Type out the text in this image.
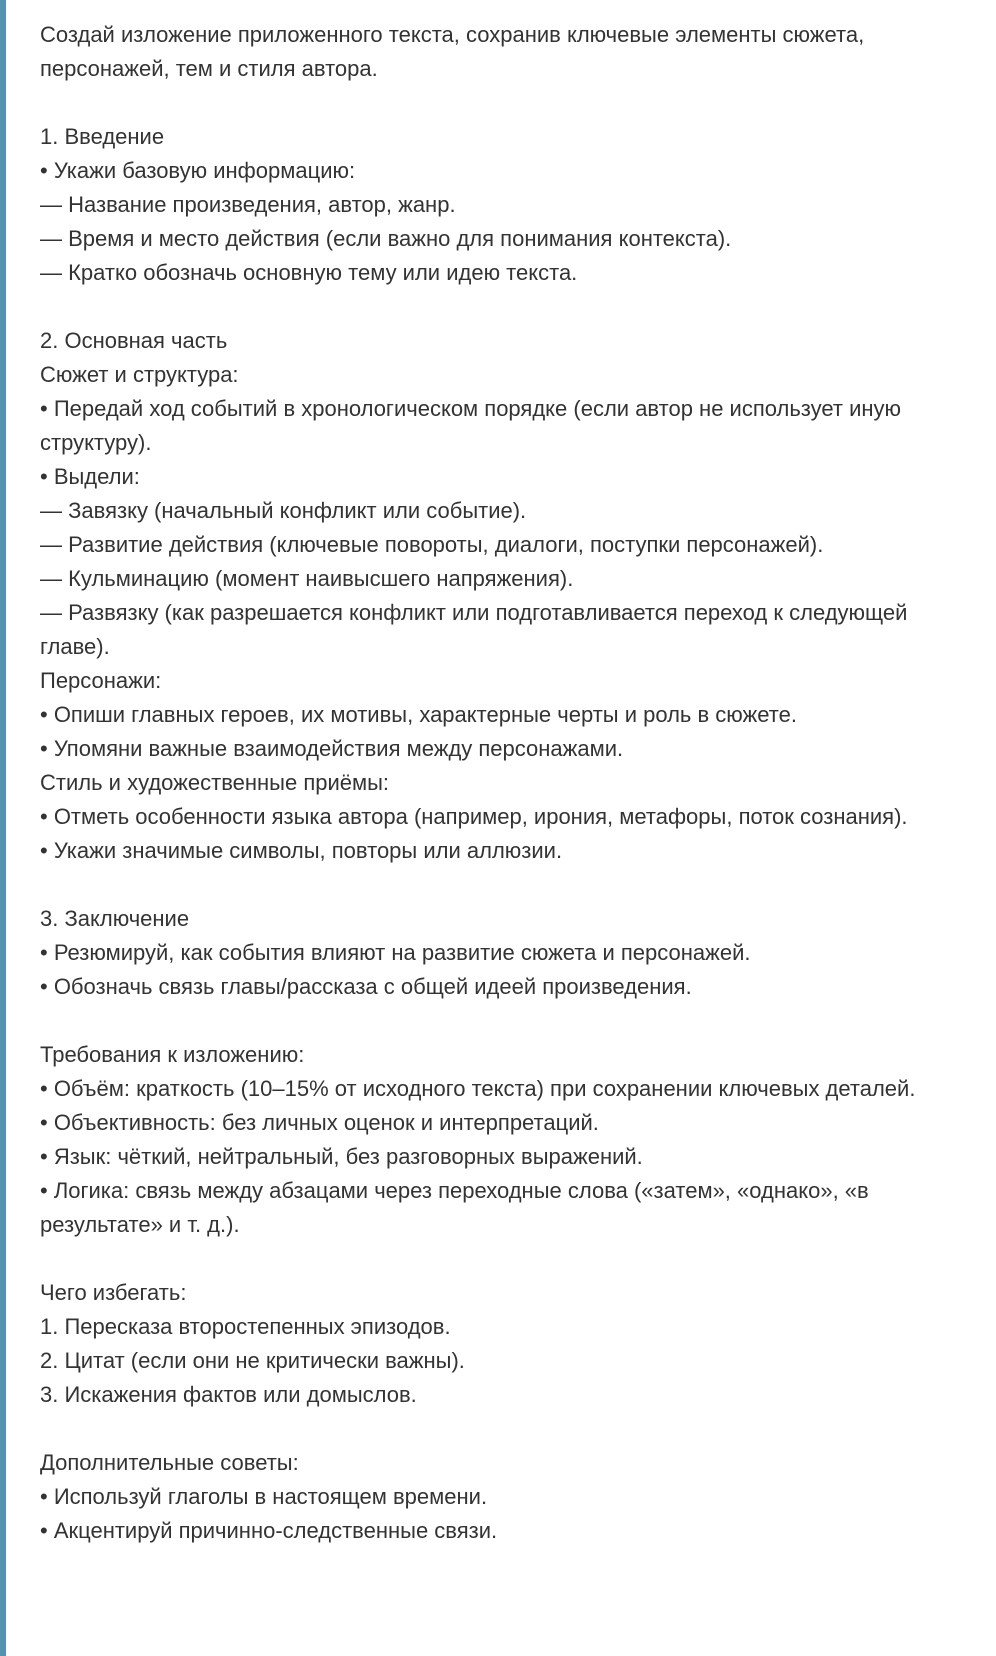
Создай изложение приложенного текста, сохранив ключевые элементы сюжета, персонажей, тем и стиля автора.
1. Введение
• Укажи базовую информацию:
— Название произведения, автор, жанр.
— Время и место действия (если важно для понимания контекста).
— Кратко обозначь основную тему или идею текста.
2. Основная часть
Сюжет и структура:
• Передай ход событий в хронологическом порядке (если автор не использует иную структуру).
• Выдели:
— Завязку (начальный конфликт или событие).
— Развитие действия (ключевые повороты, диалоги, поступки персонажей).
— Кульминацию (момент наивысшего напряжения).
— Развязку (как разрешается конфликт или подготавливается переход к следующей главе).
Персонажи:
• Опиши главных героев, их мотивы, характерные черты и роль в сюжете.
• Упомяни важные взаимодействия между персонажами.
Стиль и художественные приёмы:
• Отметь особенности языка автора (например, ирония, метафоры, поток сознания).
• Укажи значимые символы, повторы или аллюзии.
3. Заключение
• Резюмируй, как события влияют на развитие сюжета и персонажей.
• Обозначь связь главы/рассказа с общей идеей произведения.
Требования к изложению:
• Объём: краткость (10–15% от исходного текста) при сохранении ключевых деталей.
• Объективность: без личных оценок и интерпретаций.
• Язык: чёткий, нейтральный, без разговорных выражений.
• Логика: связь между абзацами через переходные слова («затем», «однако», «в результате» и т. д.).
Чего избегать:
1. Пересказа второстепенных эпизодов.
2. Цитат (если они не критически важны).
3. Искажения фактов или домыслов.
Дополнительные советы:
• Используй глаголы в настоящем времени.
• Акцентируй причинно-следственные связи.
